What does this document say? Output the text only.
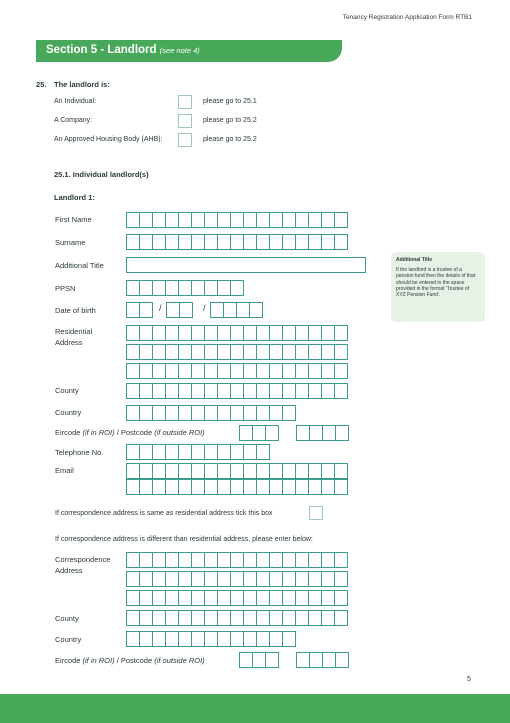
Tenancy Registration Application Form RTB1
Section 5 - Landlord (see note 4)
25. The landlord is:
An Individual:	please go to 25.1
A Company:	please go to 25.2
An Approved Housing Body (AHB):	please go to 25.2
25.1. Individual landlord(s)
Landlord 1:
First Name
Surname
Additional Title
PPSN
Date of birth	/	/
Residential
Address
County
Country
Eircode (if in ROI) / Postcode (if outside ROI)
Telephone No.
Email
If correspondence address is same as residential address tick this box
If correspondence address is different than residential address, please enter below:
Correspondence
Address
County
Country
Eircode (if in ROI) / Postcode (if outside ROI)
Additional Title
If the landlord is a trustee of a pension fund then the details of that should be entered in the space provided in the format 'Trustee of XYZ Pension Fund'.
5
